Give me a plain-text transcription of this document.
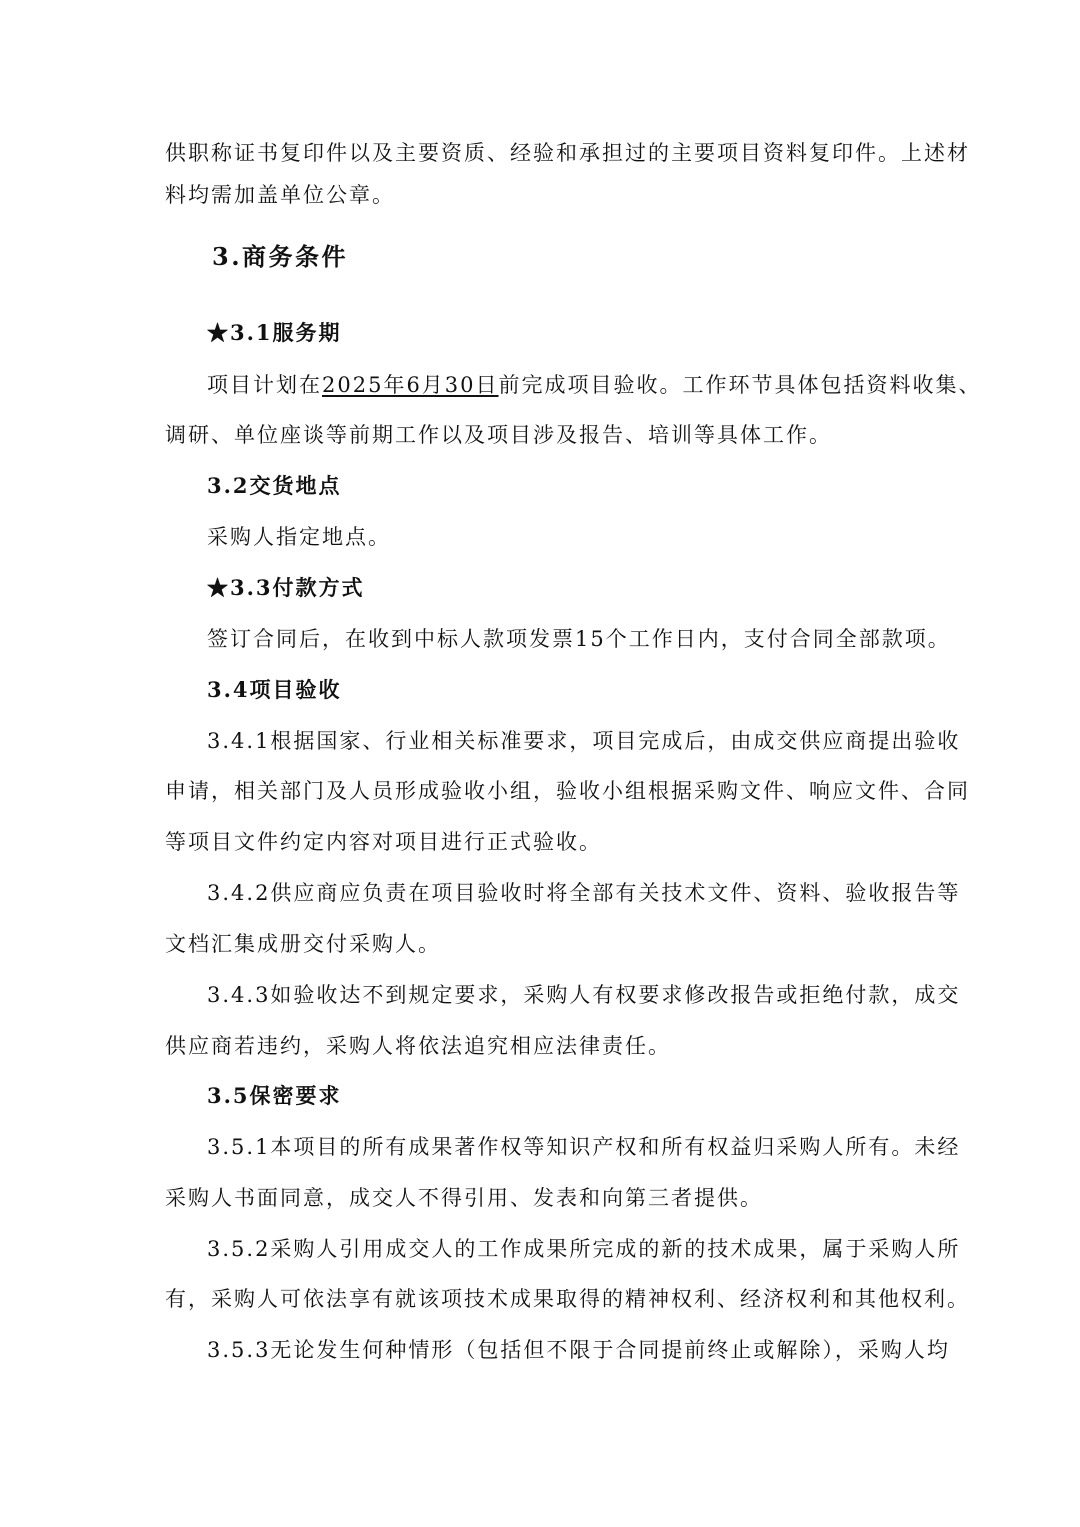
供职称证书复印件以及主要资质、经验和承担过的主要项目资料复印件。上述材

料均需加盖单位公章。

3.商务条件

★3.1服务期

项目计划在2025年6月30日前完成项目验收。工作环节具体包括资料收集、

调研、单位座谈等前期工作以及项目涉及报告、培训等具体工作。

3.2交货地点

采购人指定地点。

★3.3付款方式

签订合同后，在收到中标人款项发票15个工作日内，支付合同全部款项。

3.4项目验收

3.4.1根据国家、行业相关标准要求，项目完成后，由成交供应商提出验收

申请，相关部门及人员形成验收小组，验收小组根据采购文件、响应文件、合同

等项目文件约定内容对项目进行正式验收。

3.4.2供应商应负责在项目验收时将全部有关技术文件、资料、验收报告等

文档汇集成册交付采购人。

3.4.3如验收达不到规定要求，采购人有权要求修改报告或拒绝付款，成交

供应商若违约，采购人将依法追究相应法律责任。

3.5保密要求

3.5.1本项目的所有成果著作权等知识产权和所有权益归采购人所有。未经

采购人书面同意，成交人不得引用、发表和向第三者提供。

3.5.2采购人引用成交人的工作成果所完成的新的技术成果，属于采购人所

有，采购人可依法享有就该项技术成果取得的精神权利、经济权利和其他权利。

3.5.3无论发生何种情形（包括但不限于合同提前终止或解除），采购人均
